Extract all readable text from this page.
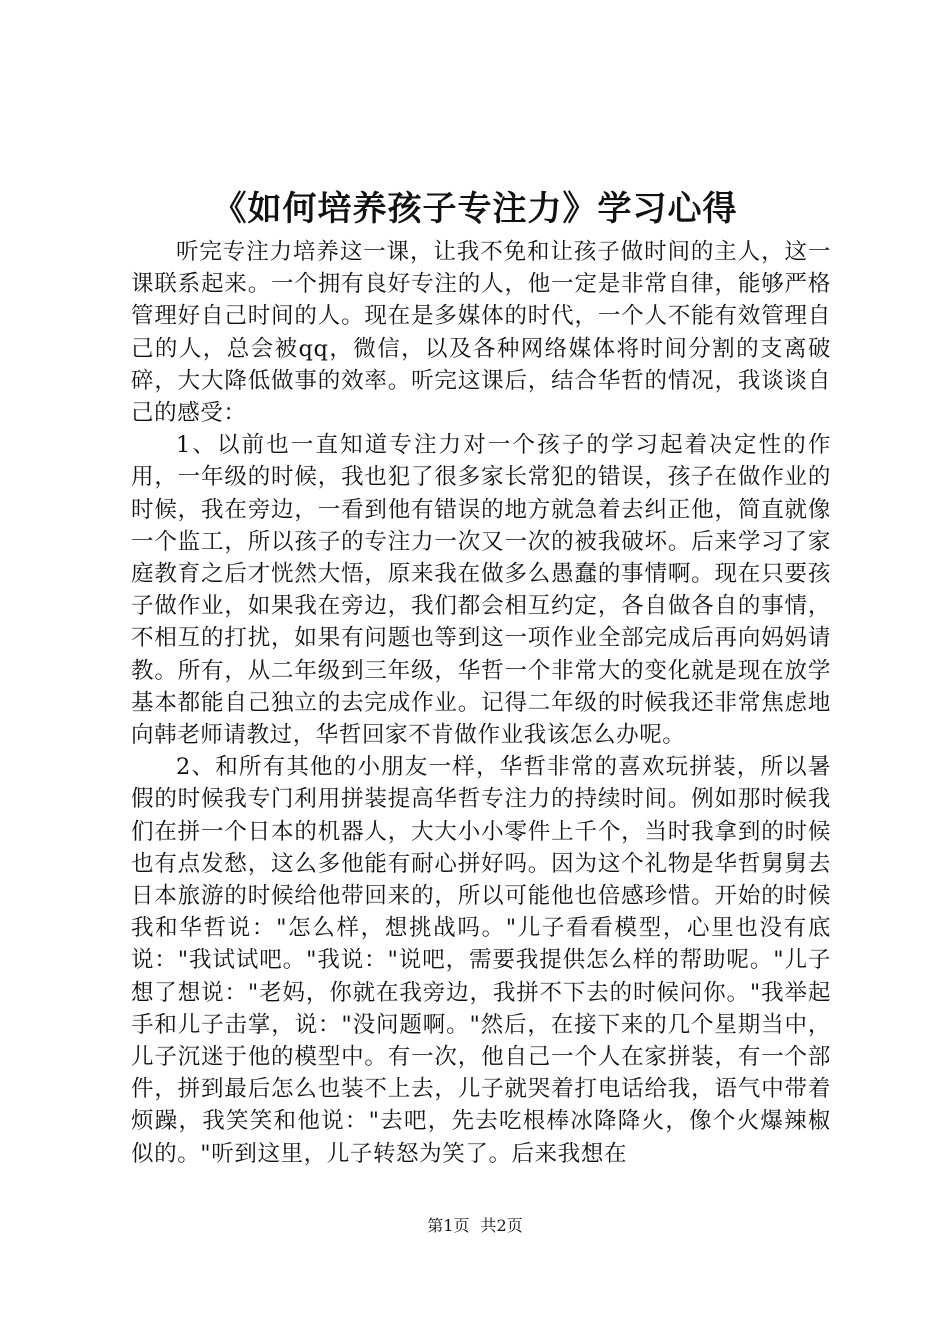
《如何培养孩子专注力》学习心得

听完专注力培养这一课，让我不免和让孩子做时间的主人，这一课联系起来。一个拥有良好专注的人，他一定是非常自律，能够严格管理好自己时间的人。现在是多媒体的时代，一个人不能有效管理自己的人，总会被qq，微信，以及各种网络媒体将时间分割的支离破碎，大大降低做事的效率。听完这课后，结合华哲的情况，我谈谈自己的感受：

1、以前也一直知道专注力对一个孩子的学习起着决定性的作用，一年级的时候，我也犯了很多家长常犯的错误，孩子在做作业的时候，我在旁边，一看到他有错误的地方就急着去纠正他，简直就像一个监工，所以孩子的专注力一次又一次的被我破坏。后来学习了家庭教育之后才恍然大悟，原来我在做多么愚蠢的事情啊。现在只要孩子做作业，如果我在旁边，我们都会相互约定，各自做各自的事情，不相互的打扰，如果有问题也等到这一项作业全部完成后再向妈妈请教。所有，从二年级到三年级，华哲一个非常大的变化就是现在放学基本都能自己独立的去完成作业。记得二年级的时候我还非常焦虑地向韩老师请教过，华哲回家不肯做作业我该怎么办呢。

2、和所有其他的小朋友一样，华哲非常的喜欢玩拼装，所以暑假的时候我专门利用拼装提高华哲专注力的持续时间。例如那时候我们在拼一个日本的机器人，大大小小零件上千个，当时我拿到的时候也有点发愁，这么多他能有耐心拼好吗。因为这个礼物是华哲舅舅去日本旅游的时候给他带回来的，所以可能他也倍感珍惜。开始的时候我和华哲说："怎么样，想挑战吗。"儿子看看模型，心里也没有底说："我试试吧。"我说："说吧，需要我提供怎么样的帮助呢。"儿子想了想说："老妈，你就在我旁边，我拼不下去的时候问你。"我举起手和儿子击掌，说："没问题啊。"然后，在接下来的几个星期当中，儿子沉迷于他的模型中。有一次，他自己一个人在家拼装，有一个部件，拼到最后怎么也装不上去，儿子就哭着打电话给我，语气中带着烦躁，我笑笑和他说："去吧，先去吃根棒冰降降火，像个火爆辣椒似的。"听到这里，儿子转怒为笑了。后来我想在

第1页 共2页
